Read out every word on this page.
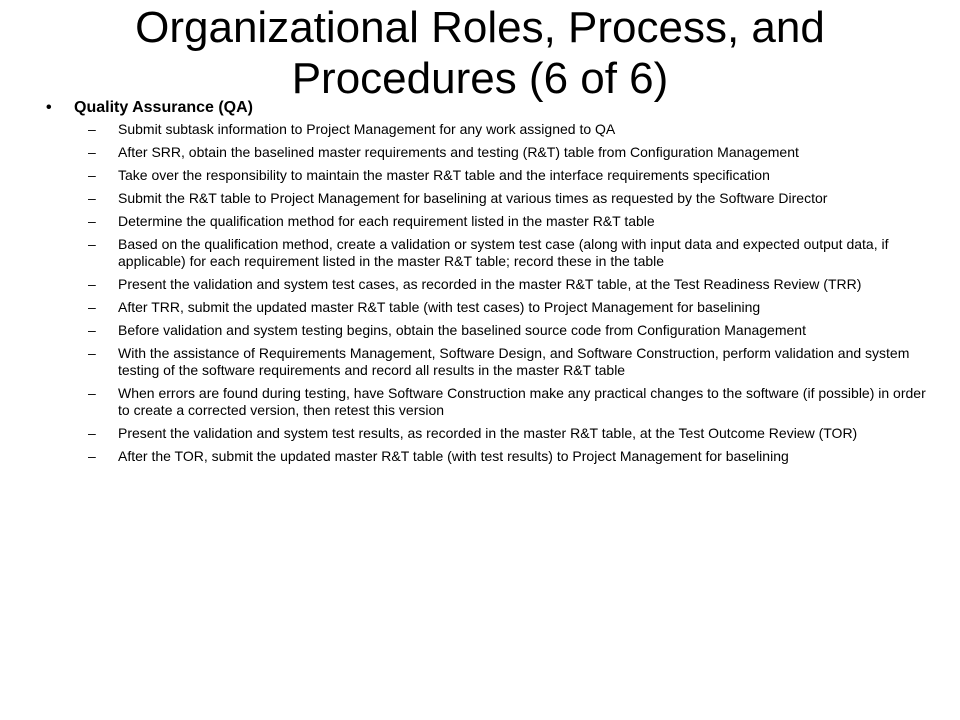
Organizational Roles, Process, and Procedures (6 of 6)
• Quality Assurance (QA)
– Submit subtask information to Project Management for any work assigned to QA
– After SRR, obtain the baselined master requirements and testing (R&T) table from Configuration Management
– Take over the responsibility to maintain the master R&T table and the interface requirements specification
– Submit the R&T table to Project Management for baselining at various times as requested by the Software Director
– Determine the qualification method for each requirement listed in the master R&T table
– Based on the qualification method, create a validation or system test case (along with input data and expected output data, if applicable) for each requirement listed in the master R&T table; record these in the table
– Present the validation and system test cases, as recorded in the master R&T table, at the Test Readiness Review (TRR)
– After TRR, submit the updated master R&T table (with test cases) to Project Management for baselining
– Before validation and system testing begins, obtain the baselined source code from Configuration Management
– With the assistance of Requirements Management, Software Design, and Software Construction, perform validation and system testing of the software requirements and record all results in the master R&T table
– When errors are found during testing, have Software Construction make any practical changes to the software (if possible) in order to create a corrected version, then retest this version
– Present the validation and system test results, as recorded in the master R&T table, at the Test Outcome Review (TOR)
– After the TOR, submit the updated master R&T table (with test results) to Project Management for baselining
